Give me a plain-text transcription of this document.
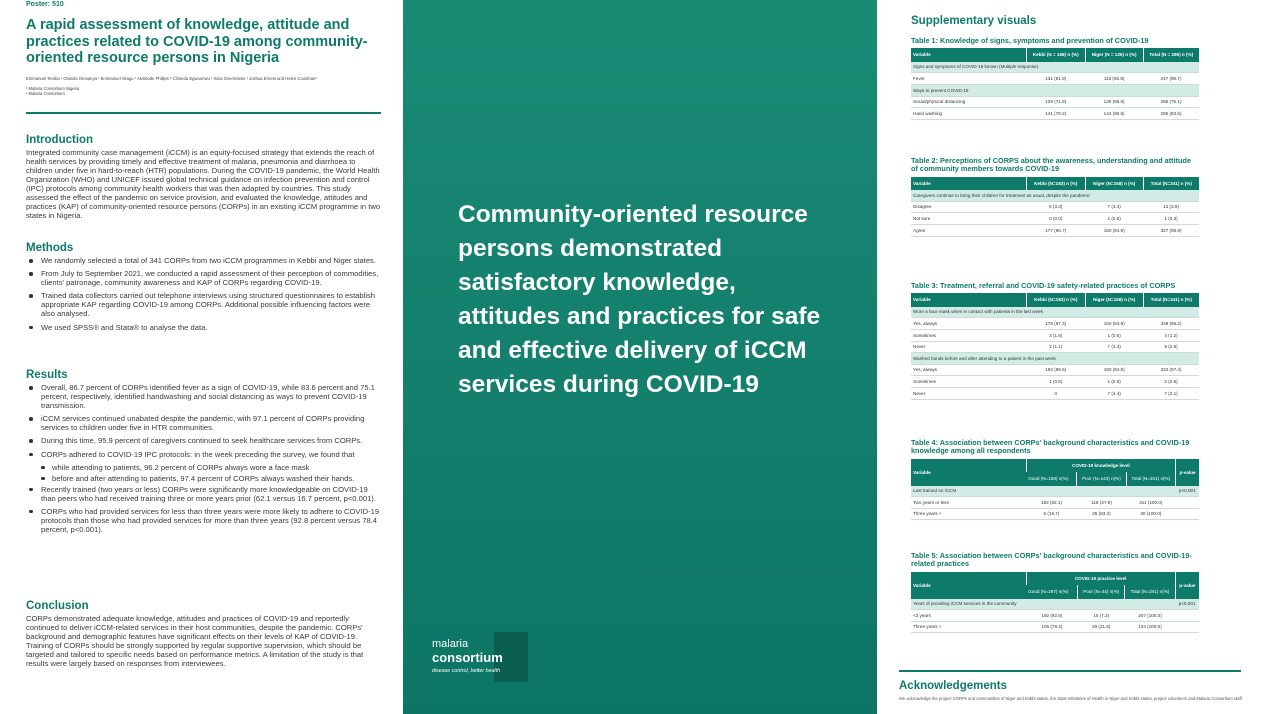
Poster: 510
A rapid assessment of knowledge, attitude and practices related to COVID-19 among community-oriented resource persons in Nigeria
Emmanuel Temba ¹ Olusola Oresanya ¹ Emmanuel Akagu ¹ Akinbode Phillips ¹ Chinedu Egwuonwu ¹ Ilona Overmeeke ¹ Joshua Ernest and Helen Counihan²
¹ Malaria Consortium Nigeria
² Malaria Consortium
Introduction

Integrated community case management (iCCM) is an equity-focused strategy that extends the reach of health services by providing timely and effective treatment of malaria, pneumonia and diarrhoea to children under five in hard-to-reach (HTR) populations. During the COVID-19 pandemic, the World Health Organization (WHO) and UNICEF issued global technical guidance on infection prevention and control (IPC) protocols among community health workers that was then adapted by countries. This study assessed the effect of the pandemic on service provision, and evaluated the knowledge, attitudes and practices (KAP) of community-oriented resource persons (CORPs) in an existing iCCM programme in two states in Nigeria.

Methods
We randomly selected a total of 341 CORPs from two iCCM programmes in Kebbi and Niger states.
From July to September 2021, we conducted a rapid assessment of their perception of commodities, clients' patronage, community awareness and KAP of CORPs regarding COVID-19.
Trained data collectors carried out telephone interviews using structured questionnaires to establish appropriate KAP regarding COVID-19 among CORPs. Additional possible influencing factors were also analysed.
We used SPSS® and Stata® to analyse the data.
Results
Overall, 86.7 percent of CORPs identified fever as a sign of COVID-19, while 83.6 percent and 75.1 percent, respectively, identified handwashing and social distancing as ways to prevent COVID-19 transmission.
iCCM services continued unabated despite the pandemic, with 97.1 percent of CORPs providing services to children under five in HTR communities.
During this time, 95.9 percent of caregivers continued to seek healthcare services from CORPs.
CORPs adhered to COVID-19 IPC protocols: in the week preceding the survey, we found that
while attending to patients, 96.2 percent of CORPs always wore a face mask
before and after attending to patients, 97.4 percent of CORPs always washed their hands.
Recently trained (two years or less) CORPs were significantly more knowledgeable on COVID-19 than peers who had received training three or more years prior (62.1 versus 16.7 percent, p<0.001).
CORPs who had provided services for less than three years were more likely to adhere to COVID-19 protocols than those who had provided services for more than three years (92.8 percent versus 78.4 percent, p<0.001).
Conclusion

CORPs demonstrated adequate knowledge, attitudes and practices of COVID-19 and reportedly continued to deliver iCCM-related services in their host communities, despite the pandemic. CORPs' background and demographic features have significant effects on their levels of KAP of COVID-19. Training of CORPs should be strongly supported by regular supportive supervision, which should be targeted and tailored to specific needs based on performance metrics. A limitation of the study is that results were largely based on responses from interviewees.

Community-oriented resource persons demonstrated satisfactory knowledge, attitudes and practices for safe and effective delivery of iCCM services during COVID-19
malaria
consortium
disease control, better health
Supplementary visuals
Table 1: Knowledge of signs, symptoms and prevention of COVID-19
Variable	Kebbi (N = 168) n (%)	Niger (N = 125) n (%)	Total (N = 285) n (%)
Signs and symptoms of COVID-19 known (Multiple response)			
Fever	131 (81.9)	116 (92.8)	247 (86.7)
Ways to prevent COVID-19			
Social/physical distancing	128 (71.9)	128 (85.9)	256 (75.1)
Hand washing	141 (79.2)	144 (96.6)	285 (83.6)
Table 2: Perceptions of CORPS about the awareness, understanding and attitude of community members towards COVID-19
Variable	Kebbi (N=183) n (%)	Niger (N=158) n (%)	Total (N=341) n (%)
Caregivers continue to bring their children for treatment as usual, despite the pandemic			
Disagree	6 (3.3)	7 (4.4)	13 (3.9)
Not sure	0 (0.0)	1 (0.6)	1 (0.3)
Agree	177 (96.7)	150 (94.9)	327 (95.9)
Table 3: Treatment, referral and COVID-19 safety-related practices of CORPS
Variable	Kebbi (N=183) n (%)	Niger (N=158) n (%)	Total (N=341) n (%)
Wore a face mask when in contact with patients in the last week			
Yes, always	178 (97.3)	150 (94.9)	328 (96.2)
Sometimes	3 (1.6)	1 (0.6)	4 (1.2)
Never	2 (1.1)	7 (4.4)	9 (2.6)
Washed hands before and after attending to a patient in the past week			
Yes, always	182 (99.5)	150 (94.9)	332 (97.4)
Sometimes	1 (0.5)	1 (0.6)	2 (0.6)
Never	0	7 (4.4)	7 (2.1)
Table 4: Association between CORPs' background characteristics and COVID-19 knowledge among all respondents
Variable	COVID-19 knowledge level			p-value
	Good (N=198) n(%)	Poor (N=143) n(%)	Total (N=341) n(%)	
Last trained on iCCM				p<0.001
Two years or less	193 (62.1)	118 (37.9)	311 (100.0)	
Three years +	5 (16.7)	25 (83.3)	30 (100.0)	
Table 5: Association between CORPs' background characteristics and COVID-19-related practices
Variable	COVID-19 practice level			p-value
	Good (N=297) n(%)	Poor (N=44) n(%)	Total (N=341) n(%)	
Years of providing iCCM services in the community				p<0.001
<3 years	192 (92.8)	15 (7.2)	207 (100.0)	
Three years +	105 (78.4)	29 (21.6)	134 (100.0)	
Acknowledgements
We acknowledge the project CORPs and communities of Niger and Kebbi states, the State Ministries of Health in Niger and Kebbi states, project volunteers and Malaria Consortium staff.
